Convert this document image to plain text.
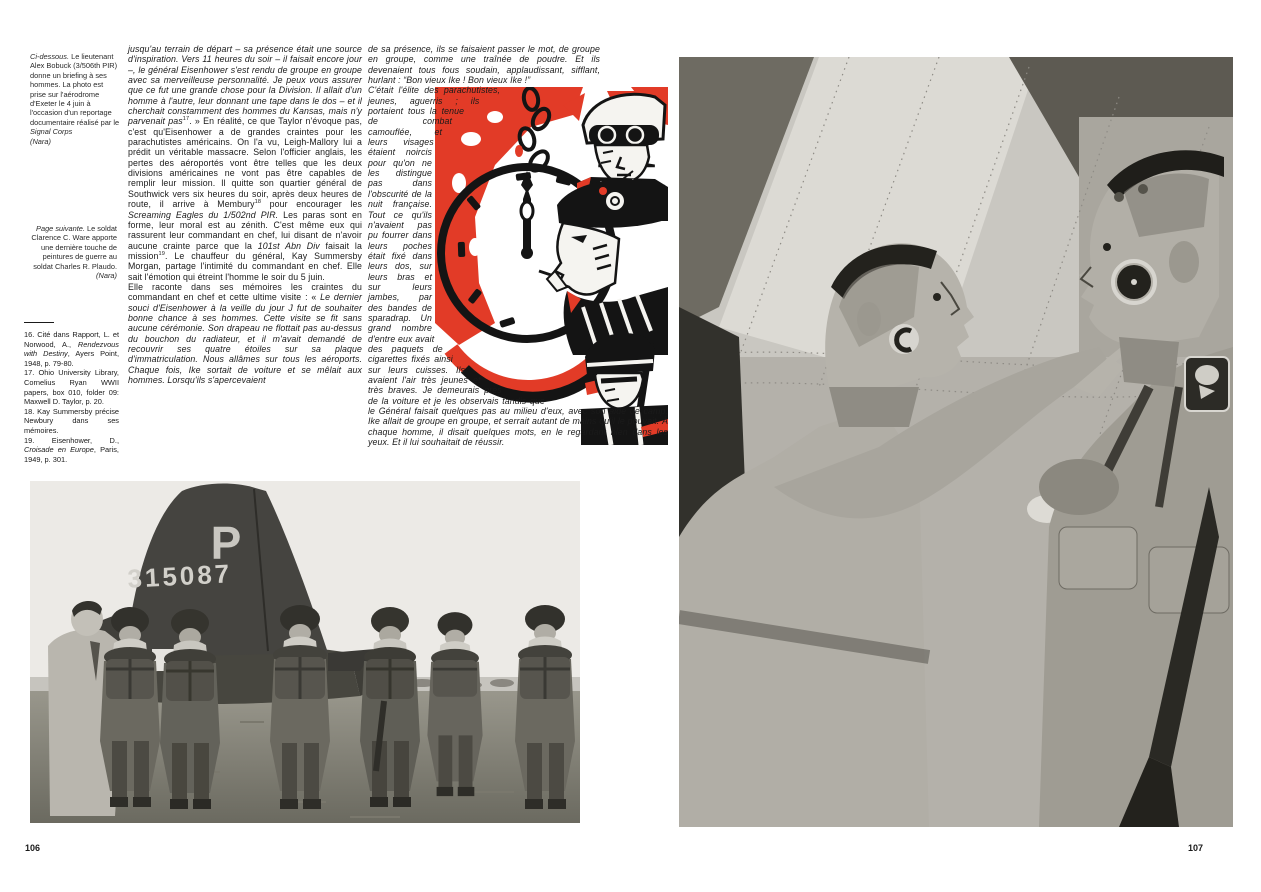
Ci-dessous. Le lieutenant Alex Bobuck (3/506th PIR) donne un briefing à ses hommes. La photo est prise sur l'aérodrome d'Exeter le 4 juin à l'occasion d'un reportage documentaire réalisé par le Signal Corps
(Nara)
Page suivante. Le soldat Clarence C. Ware apporte une dernière touche de peintures de guerre au soldat Charles R. Plaudo.
(Nara)

16. Cité dans Rapport, L. et Norwood, A., Rendezvous with Destiny, Ayers Point, 1948, p. 79-80.

17. Ohio University Library, Cornelius Ryan WWII papers, box 010, folder 09: Maxwell D. Taylor, p. 20.

18. Kay Summersby précise Newbury dans ses mémoires.

19. Eisenhower, D., Croisade en Europe, Paris, 1949, p. 301.

jusqu'au terrain de départ – sa présence était une source d'inspiration. Vers 11 heures du soir – il faisait encore jour –, le général Eisenhower s'est rendu de groupe en groupe avec sa merveilleuse personnalité. Je peux vous assurer que ce fut une grande chose pour la Division. Il allait d'un homme à l'autre, leur donnant une tape dans le dos – et il cherchait constamment des hommes du Kansas, mais n'y parvenait pas$^{17}$. » En réalité, ce que Taylor n'évoque pas, c'est qu'Eisenhower a de grandes craintes pour les parachutistes américains. On l'a vu, Leigh-Mallory lui a prédit un véritable massacre. Selon l'officier anglais, les pertes des aéroportés vont être telles que les deux divisions américaines ne vont pas être capables de remplir leur mission. Il quitte son quartier général de Southwick vers six heures du soir, après deux heures de route, il arrive à Membury$^{18}$ pour encourager les Screaming Eagles du 1/502nd PIR. Les paras sont en forme, leur moral est au zénith. C'est même eux qui rassurent leur commandant en chef, lui disant de n'avoir aucune crainte parce que la 101st Abn Div faisait la mission$^{19}$. Le chauffeur du général, Kay Summersby Morgan, partage l'intimité du commandant en chef. Elle sait l'émotion qui étreint l'homme le soir du 5 juin.

Elle raconte dans ses mémoires les craintes du commandant en chef et cette ultime visite : « Le dernier souci d'Eisenhower à la veille du jour J fut de souhaiter bonne chance à ses hommes. Cette visite se fit sans aucune cérémonie. Son drapeau ne flottait pas au-dessus du bouchon du radiateur, et il m'avait demandé de recouvrir ses quatre étoiles sur sa plaque d'immatriculation. Nous allâmes sur tous les aéroports. Chaque fois, Ike sortait de voiture et se mêlait aux hommes. Lorsqu'ils s'apercevaient

de sa présence, ils se faisaient passer le mot, de groupe en groupe, comme une traînée de poudre. Et ils devenaient tous fous soudain, applaudissant, sifflant, hurlant : “Bon vieux Ike ! Bon vieux Ike !”

C'était l'élite des parachutistes, jeunes, aguerris ; ils portaient tous la tenue de combat camouflée, et leurs visages étaient noircis pour qu'on ne les distingue pas dans l'obscurité de la nuit française. Tout ce qu'ils n'avaient pas pu fourrer dans leurs poches était fixé dans leurs dos, sur leurs bras et sur leurs jambes, par des bandes de sparadrap. Un grand nombre d'entre eux avait des paquets de cigarettes fixés ainsi sur leurs cuisses. Ils avaient l'air très jeunes et très braves. Je demeurais près de la voiture et je les observais tandis que le Général faisait quelques pas au milieu d'eux, avec son aide de camp. Ike allait de groupe en groupe, et serrait autant de mains qu'il le pouvait. À chaque homme, il disait quelques mots, en le regardant bien dans les yeux. Et il lui souhaitait de réussir.
P
315087
106	107
